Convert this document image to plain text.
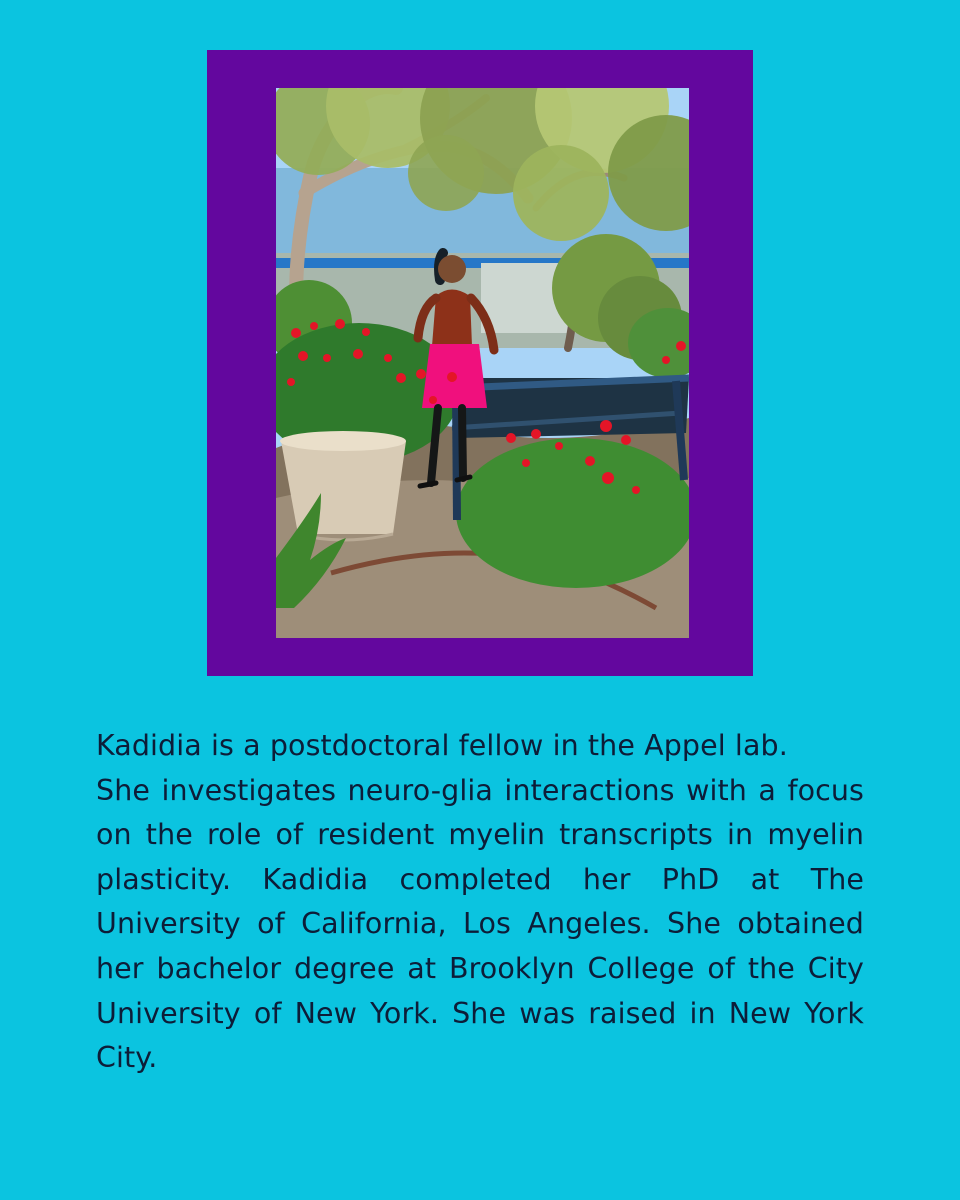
Kadidia is a postdoctoral fellow in the Appel lab.
She investigates neuro-glia interactions with a focus on the role of resident myelin transcripts in myelin plasticity. Kadidia completed her PhD at The University of California, Los Angeles. She obtained her bachelor degree at Brooklyn College of the City University of New York. She was raised in New York City.
